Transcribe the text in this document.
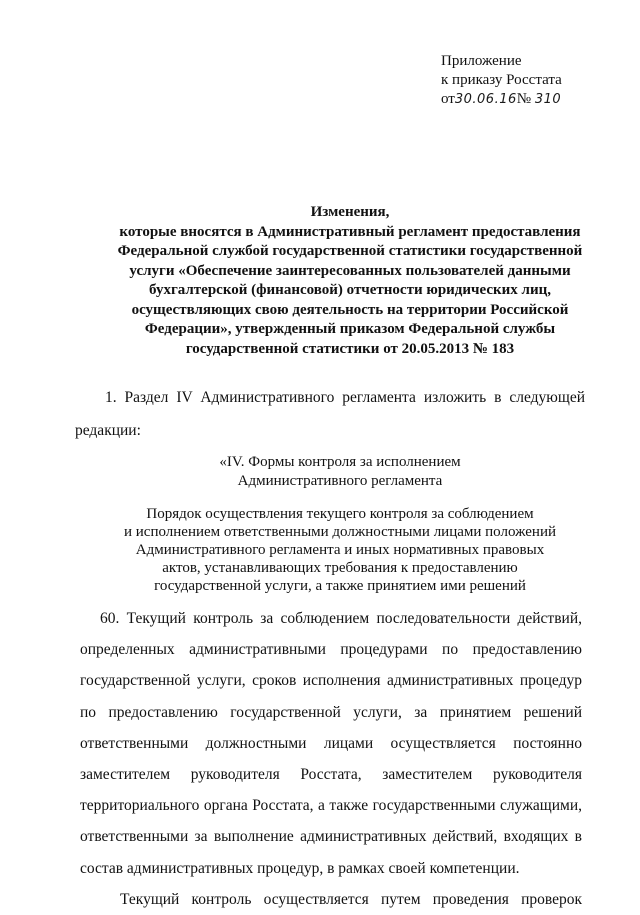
Приложение
к приказу Росстата
от30.06.16№ 310
Изменения,
которые вносятся в Административный регламент предоставления
Федеральной службой государственной статистики государственной
услуги «Обеспечение заинтересованных пользователей данными
бухгалтерской (финансовой) отчетности юридических лиц,
осуществляющих свою деятельность на территории Российской
Федерации», утвержденный приказом Федеральной службы
государственной статистики от 20.05.2013 № 183
1. Раздел IV Административного регламента изложить в следующей
редакции:
«IV. Формы контроля за исполнением
Административного регламента
Порядок осуществления текущего контроля за соблюдением
и исполнением ответственными должностными лицами положений
Административного регламента и иных нормативных правовых
актов, устанавливающих требования к предоставлению
государственной услуги, а также принятием ими решений
60. Текущий контроль за соблюдением последовательности действий,
определенных административными процедурами по предоставлению
государственной услуги, сроков исполнения административных процедур
по предоставлению государственной услуги, за принятием решений
ответственными должностными лицами осуществляется постоянно
заместителем руководителя Росстата, заместителем руководителя
территориального органа Росстата, а также государственными служащими,
ответственными за выполнение административных действий, входящих в
состав административных процедур, в рамках своей компетенции.
Текущий контроль осуществляется путем проведения проверок
